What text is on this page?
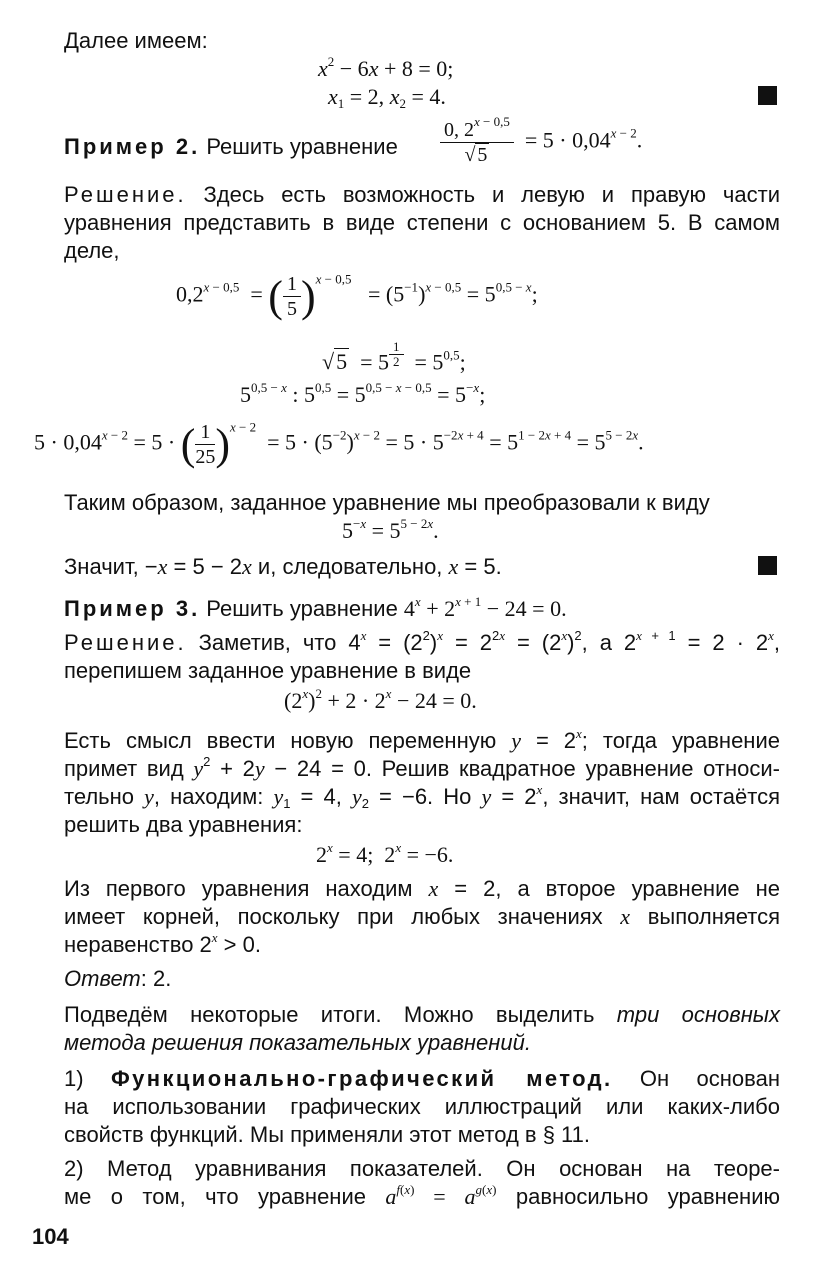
Далее имеем:
$x^2 - 6x + 8 = 0$;
$x_1 = 2$, $x_2 = 4$.
Пример 2. Решить уравнение $\frac{0, 2^{x - 0,5}}{√ 5} = 5 \cdot 0,04^{x - 2}$.
Решение. Здесь есть возможность и левую и правую части
уравнения представить в виде степени с основанием 5. В самом
деле,
$0,2^{x - 0,5}$  = ( $\frac{1}{5} )^{x - 0,5} = (5^{-1})^{x - 0,5} = 5^{0,5 - x}$;
√5  = 5 $^{\frac{1}{2}} = 5^{0,5}$;
$5^{0,5 - x}$ : $5^{0,5} = 5^{0,5 - x - 0,5} = 5^{-x}$;
$5 \cdot 0,04^{x - 2} = 5$ · ( $\frac{1}{25} )^{x - 2} = 5 \cdot (5^{-2})^{x - 2} = 5 \cdot 5^{-2x + 4} = 5^{1 - 2x + 4} = 5^{5 - 2x}$.
Таким образом, заданное уравнение мы преобразовали к виду
$5^{-x} = 5^{5 - 2x}$.
Значит, −x = 5 − 2x и, следовательно, x = 5.
Пример 3. Решить уравнение $4^x + 2^{x + 1} - 24 = 0$.
Решение. Заметив, что $4^x = (2^2)^x = 2^{2x} = (2^x)^2$, а $2^{x + 1} = 2 \cdot 2^x$,
перепишем заданное уравнение в виде
$(2^x)^2 + 2 \cdot 2^x - 24 = 0$.
Есть смысл ввести новую переменную $y = 2^x$; тогда уравнение
примет вид $y^2 + 2y - 24 = 0$. Решив квадратное уравнение относи-
тельно y, находим: $y_1 = 4$, $y_2 = -6$. Но $y = 2^x$, значит, нам остаётся
решить два уравнения:
$2^x = 4$;  $2^x = -6$.
Из первого уравнения находим x = 2, а второе уравнение не
имеет корней, поскольку при любых значениях x выполняется
неравенство $2^x > 0$.
Ответ: 2.
Подведём некоторые итоги. Можно выделить три основных
метода решения показательных уравнений.
1) Функционально-графический метод. Он основан
на использовании графических иллюстраций или каких-либо
свойств функций. Мы применяли этот метод в § 11.
2) Метод уравнивания показателей. Он основан на теоре-
ме о том, что уравнение $a^{f(x)} = a^{g(x)}$ равносильно уравнению
104
